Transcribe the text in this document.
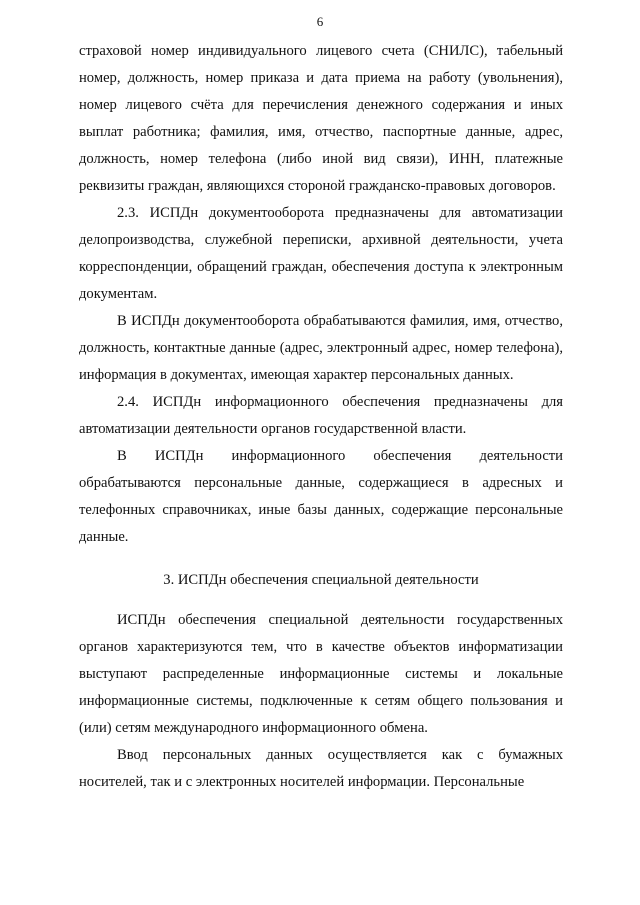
6

страховой номер индивидуального лицевого счета (СНИЛС), табельный номер, должность, номер приказа и дата приема на работу (увольнения), номер лицевого счёта для перечисления денежного содержания и иных выплат работника; фамилия, имя, отчество, паспортные данные, адрес, должность, номер телефона (либо иной вид связи), ИНН, платежные реквизиты граждан, являющихся стороной гражданско-правовых договоров.

2.3. ИСПДн документооборота предназначены для автоматизации делопроизводства, служебной переписки, архивной деятельности, учета корреспонденции, обращений граждан, обеспечения доступа к электронным документам.

В ИСПДн документооборота обрабатываются фамилия, имя, отчество, должность, контактные данные (адрес, электронный адрес, номер телефона), информация в документах, имеющая характер персональных данных.

2.4. ИСПДн информационного обеспечения предназначены для автоматизации деятельности органов государственной власти.

В ИСПДн информационного обеспечения деятельности обрабатываются персональные данные, содержащиеся в адресных и телефонных справочниках, иные базы данных, содержащие персональные данные.

3. ИСПДн обеспечения специальной деятельности

ИСПДн обеспечения специальной деятельности государственных органов характеризуются тем, что в качестве объектов информатизации выступают распределенные информационные системы и локальные информационные системы, подключенные к сетям общего пользования и (или) сетям международного информационного обмена.

Ввод персональных данных осуществляется как с бумажных носителей, так и с электронных носителей информации. Персональные
